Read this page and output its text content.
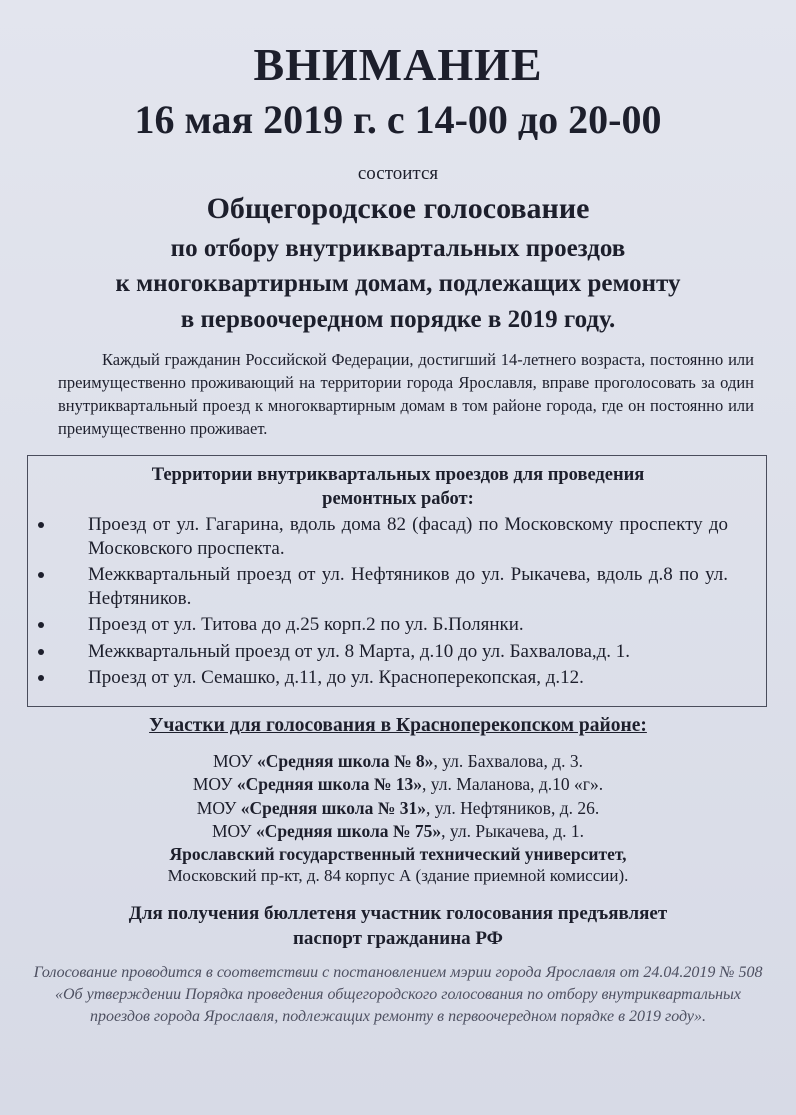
ВНИМАНИЕ
16 мая 2019 г. с 14-00 до 20-00
состоится
Общегородское голосование
по отбору внутриквартальных проездов
к многоквартирным домам, подлежащих ремонту
в первоочередном порядке в 2019 году.
Каждый гражданин Российской Федерации, достигший 14-летнего возраста, постоянно или преимущественно проживающий на территории города Ярославля, вправе проголосовать за один внутриквартальный проезд к многоквартирным домам в том районе города, где он постоянно или преимущественно проживает.
Территории внутриквартальных проездов для проведения
ремонтных работ:
Проезд от ул. Гагарина, вдоль дома 82 (фасад) по Московскому проспекту до Московского проспекта.
Межквартальный проезд от ул. Нефтяников до ул. Рыкачева, вдоль д.8 по ул. Нефтяников.
Проезд от ул. Титова до д.25 корп.2 по ул. Б.Полянки.
Межквартальный проезд от ул. 8 Марта, д.10 до ул. Бахвалова,д. 1.
Проезд от ул. Семашко, д.11, до ул. Красноперекопская, д.12.
Участки для голосования в Красноперекопском районе:
МОУ «Средняя школа № 8», ул. Бахвалова, д. 3.
МОУ «Средняя школа № 13», ул. Маланова, д.10 «г».
МОУ «Средняя школа № 31», ул. Нефтяников, д. 26.
МОУ «Средняя школа № 75», ул. Рыкачева, д. 1.
Ярославский государственный технический университет,
Московский пр-кт, д. 84 корпус А (здание приемной комиссии).
Для получения бюллетеня участник голосования предъявляет
паспорт гражданина РФ
Голосование проводится в соответствии с постановлением мэрии города Ярославля от 24.04.2019 № 508 «Об утверждении Порядка проведения общегородского голосования по отбору внутриквартальных проездов города Ярославля, подлежащих ремонту в первоочередном порядке в 2019 году».
